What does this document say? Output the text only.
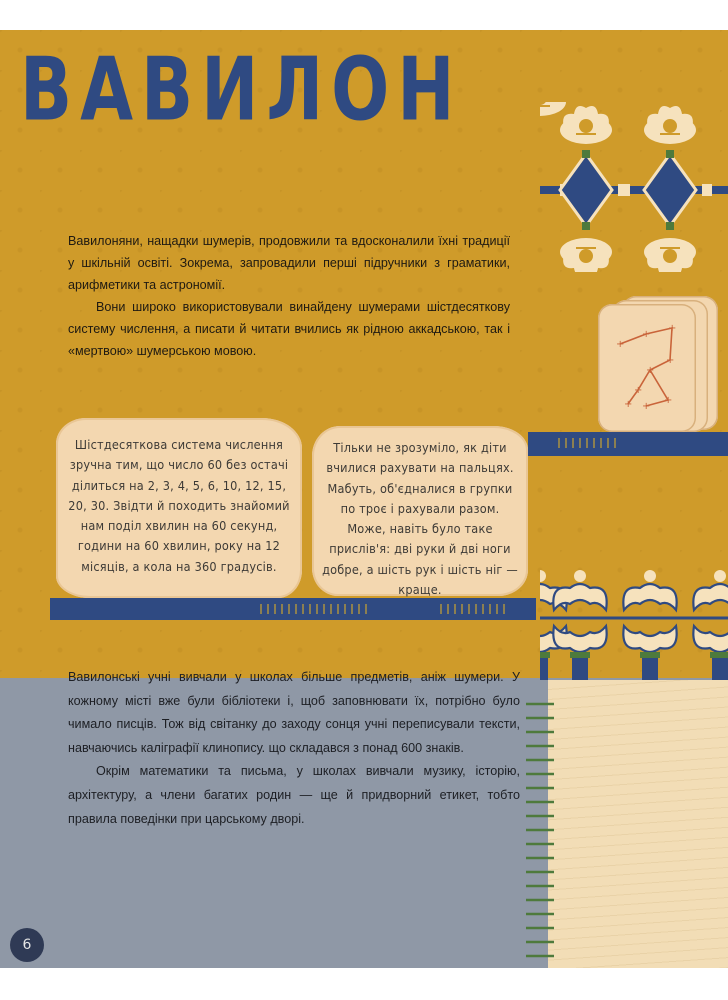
ВАВИЛОН

Вавилоняни, нащадки шумерів, продовжили та вдосконалили їхні традиції у шкільній освіті. Зокрема, запровадили перші підручники з граматики, арифметики та астрономії.

Вони широко використовували винайдену шумерами шістдесяткову систему числення, а писати й читати вчились як рідною аккадською, так і «мертвою» шумерською мовою.	+
+
+
+
+
+
+	+
+
Шістдесяткова система числення зручна тим, що число 60 без остачі ділиться на 2, 3, 4, 5, 6, 10, 12, 15, 20, 30. Звідти й походить знайомий нам поділ хвилин на 60 секунд, години на 60 хвилин, року на 12 місяців, а кола на 360 градусів.
Тільки не зрозуміло, як діти вчилися рахувати на пальцях. Мабуть, об'єдналися в групки по троє і рахували разом. Може, навіть було таке прислів'я: дві руки й дві ноги добре, а шість рук і шість ніг — краще.

Вавилонські учні вивчали у школах більше предметів, аніж шумери. У кожному місті вже були бібліотеки і, щоб заповнювати їх, потрібно було чимало писців. Тож від світанку до заходу сонця учні переписували тексти, навчаючись каліграфії клинопису. що складався з понад 600 знаків.

Окрім математики та письма, у школах вивчали музику, історію, архітектуру, а члени багатих родин — ще й придворний етикет, тобто правила поведінки при царському дворі.

6
